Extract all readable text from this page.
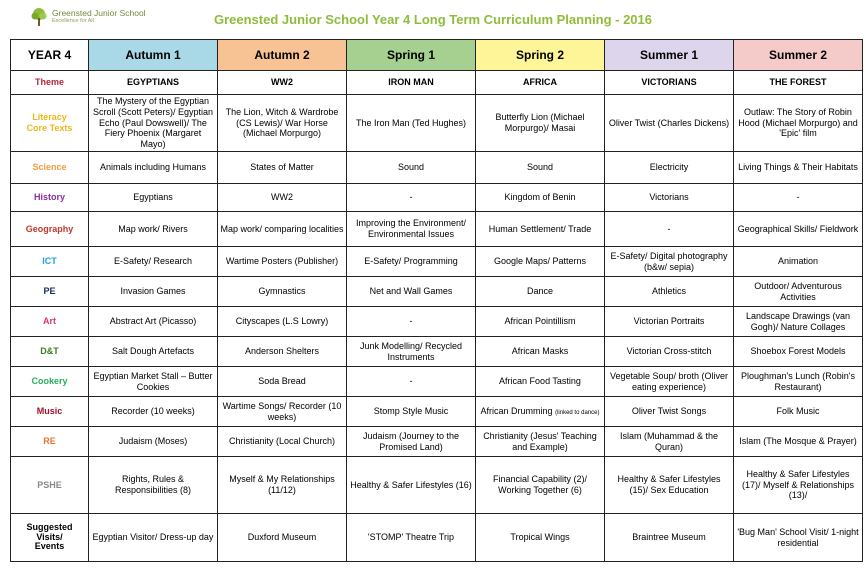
Greensted Junior School
Excellence for All	Greensted Junior School Year 4 Long Term Curriculum Planning - 2016
YEAR 4	Autumn 1	Autumn 2	Spring 1	Spring 2	Summer 1	Summer 2
Theme	EGYPTIANS	WW2	IRON MAN	AFRICA	VICTORIANS	THE FOREST
Literacy
Core Texts	The Mystery of the Egyptian Scroll (Scott Peters)/ Egyptian Echo (Paul Dowswell)/ The Fiery Phoenix (Margaret Mayo)	The Lion, Witch & Wardrobe (CS Lewis)/ War Horse (Michael Morpurgo)	The Iron Man (Ted Hughes)	Butterfly Lion (Michael Morpurgo)/ Masai	Oliver Twist (Charles Dickens)	Outlaw: The Story of Robin Hood (Michael Morpurgo) and 'Epic' film
Science	Animals including Humans	States of Matter	Sound	Sound	Electricity	Living Things & Their Habitats
History	Egyptians	WW2	-	Kingdom of Benin	Victorians	-
Geography	Map work/ Rivers	Map work/ comparing localities	Improving the Environment/ Environmental Issues	Human Settlement/ Trade	-	Geographical Skills/ Fieldwork
ICT	E-Safety/ Research	Wartime Posters (Publisher)	E-Safety/ Programming	Google Maps/ Patterns	E-Safety/ Digital photography (b&w/ sepia)	Animation
PE	Invasion Games	Gymnastics	Net and Wall Games	Dance	Athletics	Outdoor/ Adventurous Activities
Art	Abstract Art (Picasso)	Cityscapes (L.S Lowry)	-	African Pointillism	Victorian Portraits	Landscape Drawings (van Gogh)/ Nature Collages
D&T	Salt Dough Artefacts	Anderson Shelters	Junk Modelling/ Recycled Instruments	African Masks	Victorian Cross-stitch	Shoebox Forest Models
Cookery	Egyptian Market Stall – Butter Cookies	Soda Bread	-	African Food Tasting	Vegetable Soup/ broth (Oliver eating experience)	Ploughman's Lunch (Robin's Restaurant)
Music	Recorder (10 weeks)	Wartime Songs/ Recorder (10 weeks)	Stomp Style Music	African Drumming (linked to dance)	Oliver Twist Songs	Folk Music
RE	Judaism (Moses)	Christianity (Local Church)	Judaism (Journey to the Promised Land)	Christianity (Jesus' Teaching and Example)	Islam (Muhammad & the Quran)	Islam (The Mosque & Prayer)
PSHE	Rights, Rules & Responsibilities (8)	Myself & My Relationships (11/12)	Healthy & Safer Lifestyles (16)	Financial Capability (2)/ Working Together (6)	Healthy & Safer Lifestyles (15)/ Sex Education	Healthy & Safer Lifestyles (17)/ Myself & Relationships (13)/
Suggested
Visits/
Events	Egyptian Visitor/ Dress-up day	Duxford Museum	'STOMP' Theatre Trip	Tropical Wings	Braintree Museum	'Bug Man' School Visit/ 1-night residential
